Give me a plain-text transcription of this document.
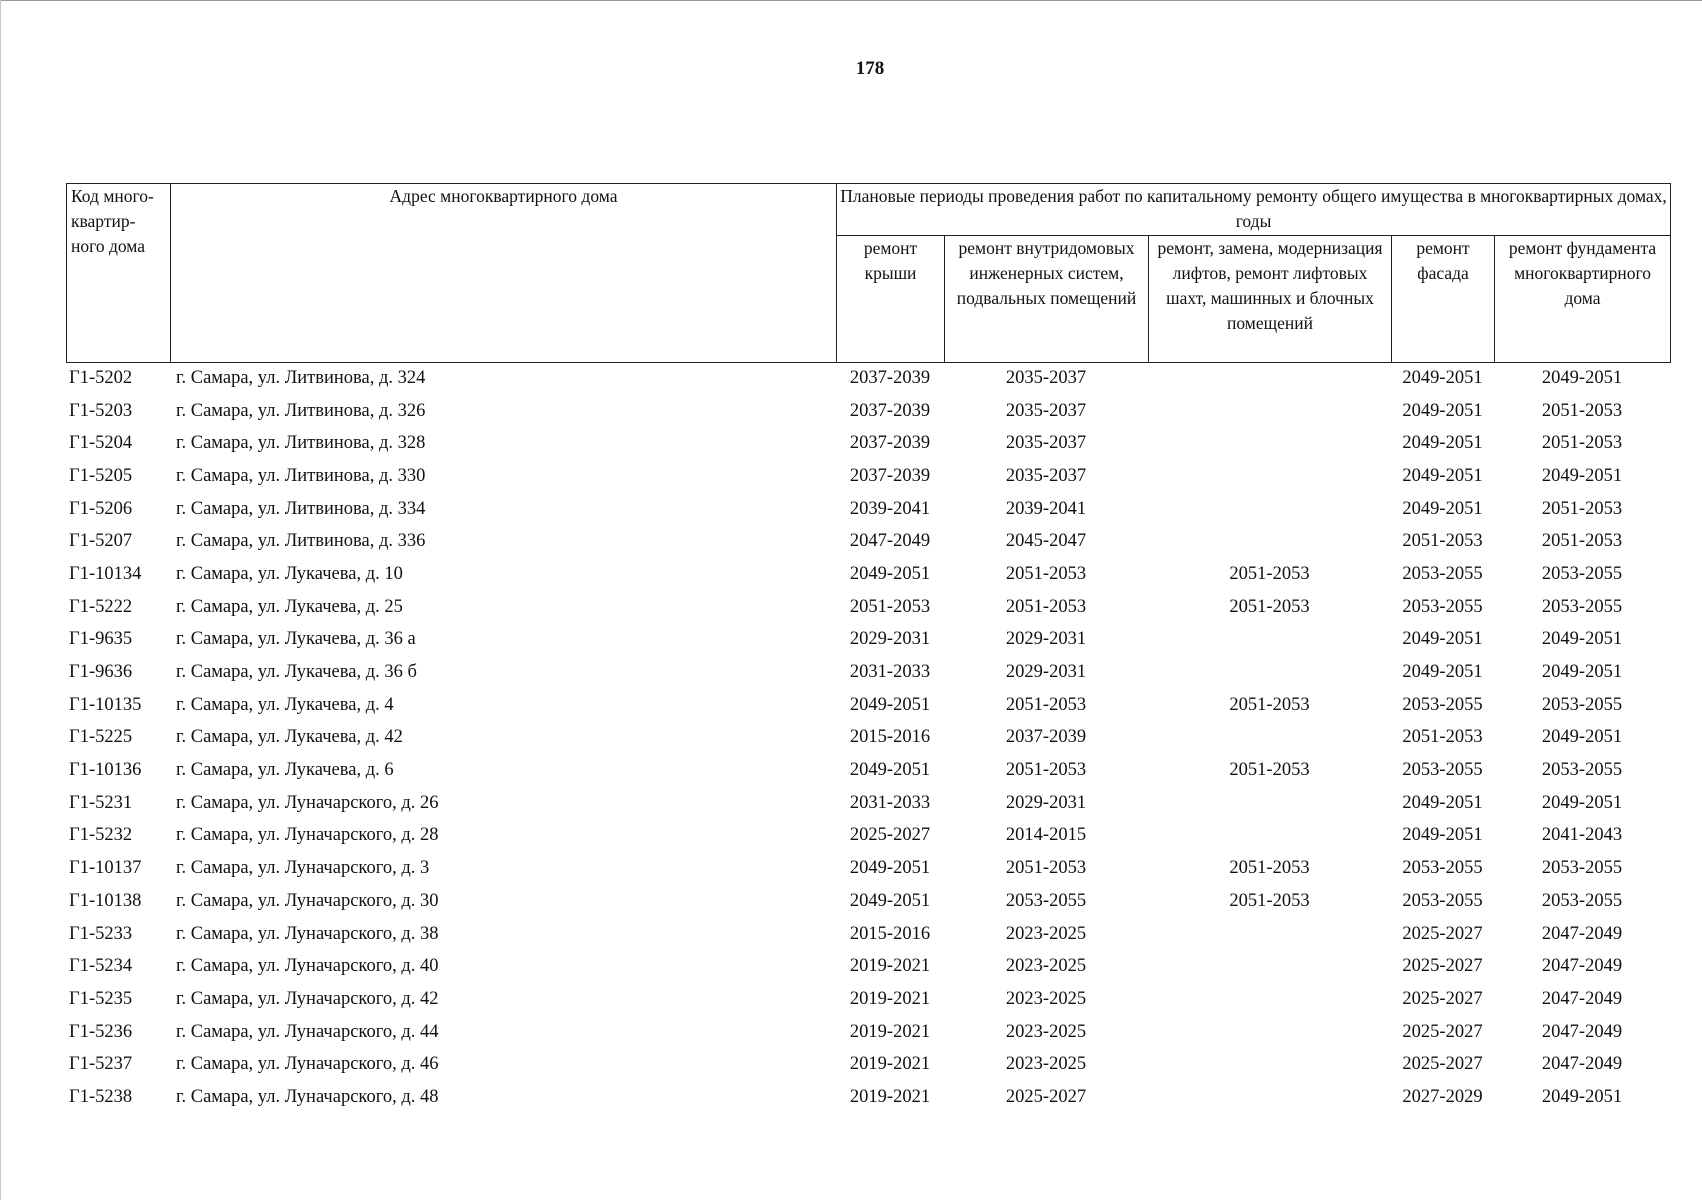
178
Код много-квартир-ного дома	Адрес многоквартирного дома	Плановые периоды проведения работ по капитальному ремонту общего имущества в многоквартирных домах, годы				
		ремонт крыши	ремонт внутридомовых инженерных систем, подвальных помещений	ремонт, замена, модернизация лифтов, ремонт лифтовых шахт, машинных и блочных помещений	ремонт фасада	ремонт фундамента многоквартирного дома
Г1-5202	г. Самара, ул. Литвинова, д. 324	2037-2039	2035-2037		2049-2051	2049-2051
Г1-5203	г. Самара, ул. Литвинова, д. 326	2037-2039	2035-2037		2049-2051	2051-2053
Г1-5204	г. Самара, ул. Литвинова, д. 328	2037-2039	2035-2037		2049-2051	2051-2053
Г1-5205	г. Самара, ул. Литвинова, д. 330	2037-2039	2035-2037		2049-2051	2049-2051
Г1-5206	г. Самара, ул. Литвинова, д. 334	2039-2041	2039-2041		2049-2051	2051-2053
Г1-5207	г. Самара, ул. Литвинова, д. 336	2047-2049	2045-2047		2051-2053	2051-2053
Г1-10134	г. Самара, ул. Лукачева, д. 10	2049-2051	2051-2053	2051-2053	2053-2055	2053-2055
Г1-5222	г. Самара, ул. Лукачева, д. 25	2051-2053	2051-2053	2051-2053	2053-2055	2053-2055
Г1-9635	г. Самара, ул. Лукачева, д. 36 а	2029-2031	2029-2031		2049-2051	2049-2051
Г1-9636	г. Самара, ул. Лукачева, д. 36 б	2031-2033	2029-2031		2049-2051	2049-2051
Г1-10135	г. Самара, ул. Лукачева, д. 4	2049-2051	2051-2053	2051-2053	2053-2055	2053-2055
Г1-5225	г. Самара, ул. Лукачева, д. 42	2015-2016	2037-2039		2051-2053	2049-2051
Г1-10136	г. Самара, ул. Лукачева, д. 6	2049-2051	2051-2053	2051-2053	2053-2055	2053-2055
Г1-5231	г. Самара, ул. Луначарского, д. 26	2031-2033	2029-2031		2049-2051	2049-2051
Г1-5232	г. Самара, ул. Луначарского, д. 28	2025-2027	2014-2015		2049-2051	2041-2043
Г1-10137	г. Самара, ул. Луначарского, д. 3	2049-2051	2051-2053	2051-2053	2053-2055	2053-2055
Г1-10138	г. Самара, ул. Луначарского, д. 30	2049-2051	2053-2055	2051-2053	2053-2055	2053-2055
Г1-5233	г. Самара, ул. Луначарского, д. 38	2015-2016	2023-2025		2025-2027	2047-2049
Г1-5234	г. Самара, ул. Луначарского, д. 40	2019-2021	2023-2025		2025-2027	2047-2049
Г1-5235	г. Самара, ул. Луначарского, д. 42	2019-2021	2023-2025		2025-2027	2047-2049
Г1-5236	г. Самара, ул. Луначарского, д. 44	2019-2021	2023-2025		2025-2027	2047-2049
Г1-5237	г. Самара, ул. Луначарского, д. 46	2019-2021	2023-2025		2025-2027	2047-2049
Г1-5238	г. Самара, ул. Луначарского, д. 48	2019-2021	2025-2027		2027-2029	2049-2051
